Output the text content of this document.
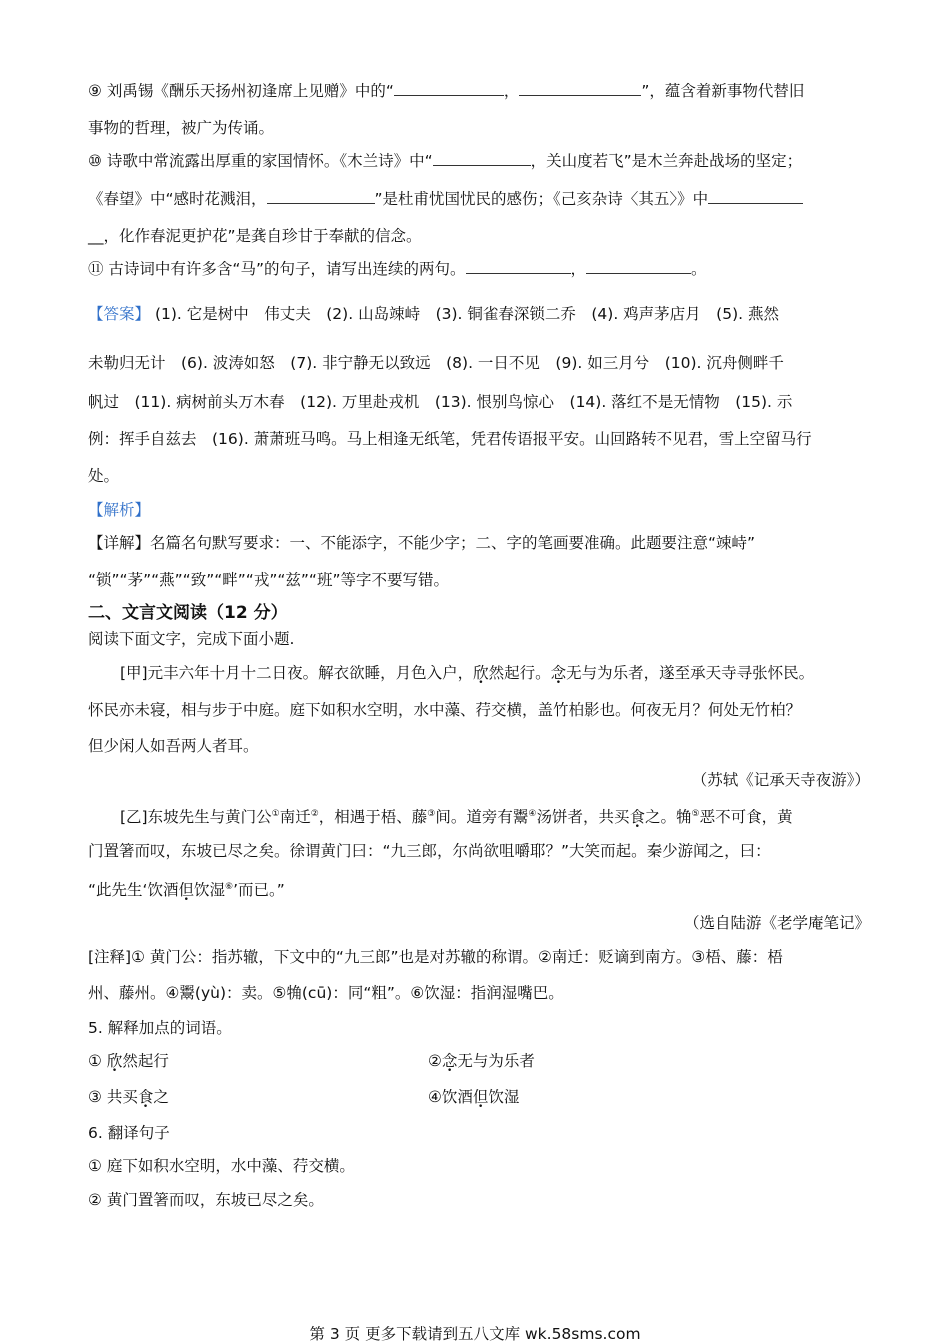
⑨ 刘禹锡《酬乐天扬州初逢席上见赠》中的“	，	”，蕴含着新事物代替旧
事物的哲理，被广为传诵。
⑩ 诗歌中常流露出厚重的家国情怀。《木兰诗》中“	，关山度若飞”是木兰奔赴战场的坚定；
《春望》中“感时花溅泪，	”是杜甫忧国忧民的感伤；《己亥杂诗〈其五〉》中
__，化作春泥更护花”是龚自珍甘于奉献的信念。
⑪ 古诗词中有许多含“马”的句子，请写出连续的两句。	，	。
【答案】 (1). 它是树中　伟丈夫　(2). 山岛竦峙　(3). 铜雀春深锁二乔　(4). 鸡声茅店月　(5). 燕然
未勒归无计　(6). 波涛如怒　(7). 非宁静无以致远　(8). 一日不见　(9). 如三月兮　(10). 沉舟侧畔千
帆过　(11). 病树前头万木春　(12). 万里赴戎机　(13). 恨别鸟惊心　(14). 落红不是无情物　(15). 示
例：挥手自兹去　(16). 萧萧班马鸣。马上相逢无纸笔，凭君传语报平安。山回路转不见君，雪上空留马行
处。
【解析】
【详解】名篇名句默写要求：一、不能添字，不能少字；二、字的笔画要准确。此题要注意“竦峙”
“锁”“茅”“燕”“致”“畔”“戎”“兹”“班”等字不要写错。
二、文言文阅读（12 分）
阅读下面文字，完成下面小题.
[甲]元丰六年十月十二日夜。解衣欲睡，月色入户，欣然起行。念无与为乐者，遂至承天寺寻张怀民。
怀民亦未寝，相与步于中庭。庭下如积水空明，水中藻、荇交横，盖竹柏影也。何夜无月？何处无竹柏？
但少闲人如吾两人者耳。
（苏轼《记承天寺夜游》）
[乙]东坡先生与黄门公①南迁②，相遇于梧、藤③间。道旁有鬻④汤饼者，共买食之。觕⑤恶不可食，黄
门置箸而叹，东坡已尽之矣。徐谓黄门曰：“九三郎，尔尚欲咀嚼耶？”大笑而起。秦少游闻之，曰：
“此先生‘饮酒但饮湿⑥’而已。”
（选自陆游《老学庵笔记》
[注释]① 黄门公：指苏辙，下文中的“九三郎”也是对苏辙的称谓。②南迁：贬谪到南方。③梧、藤：梧
州、藤州。④鬻(yù)：卖。⑤觕(cū)：同“粗”。⑥饮湿：指润湿嘴巴。
5. 解释加点的词语。
① 欣然起行	②念无与为乐者
③ 共买食之	④饮酒但饮湿
6. 翻译句子
① 庭下如积水空明，水中藻、荇交横。
② 黄门置箸而叹，东坡已尽之矣。
第 3 页 更多下载请到五八文库 wk.58sms.com
